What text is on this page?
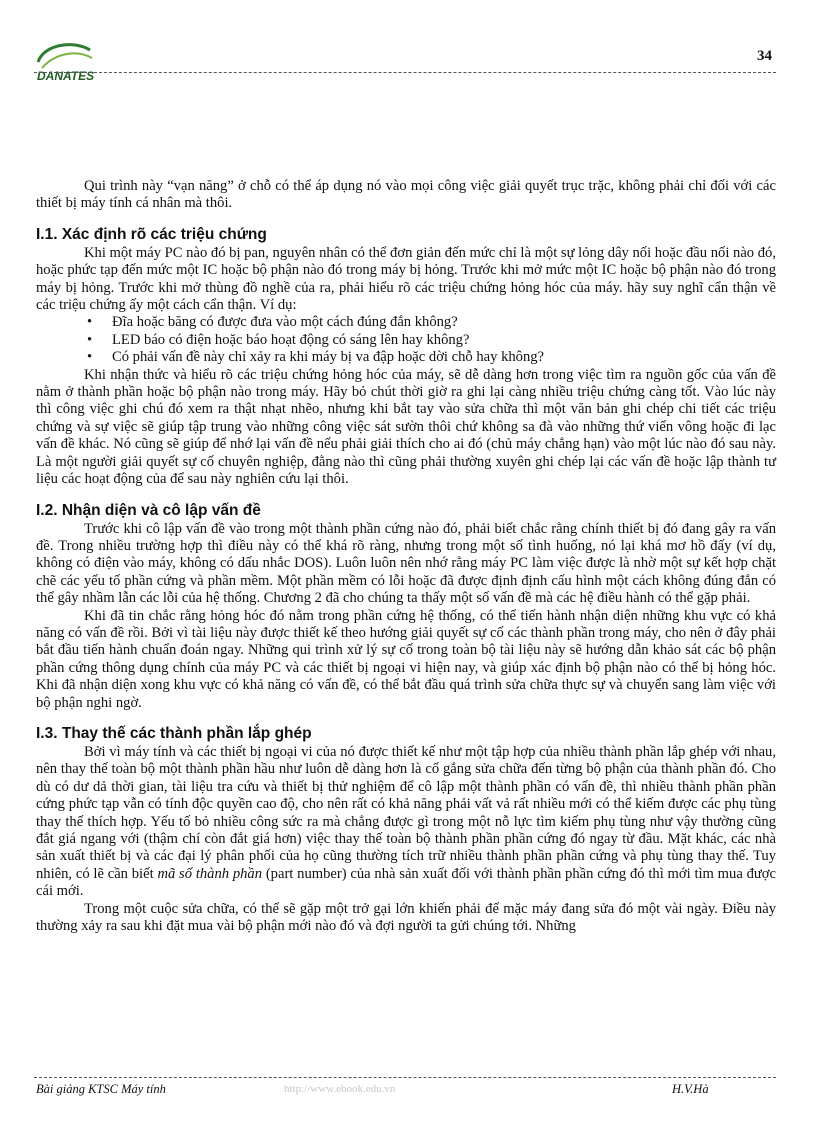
DANATES
34

Qui trình này “vạn năng” ở chỗ có thể áp dụng nó vào mọi công việc giải quyết trục trặc, không phải chỉ đối với các thiết bị máy tính cá nhân mà thôi.

I.1. Xác định rõ các triệu chứng

Khi một máy PC nào đó bị pan, nguyên nhân có thể đơn giản đến mức chỉ là một sự lỏng dây nối hoặc đầu nối nào đó, hoặc phức tạp đến mức một IC hoặc bộ phận nào đó trong máy bị hỏng. Trước khi mở mức một IC hoặc bộ phận nào đó trong máy bị hỏng. Trước khi mở thùng đồ nghề của ra, phải hiểu rõ các triệu chứng hỏng hóc của máy. hãy suy nghĩ cẩn thận về các triệu chứng ấy một cách cẩn thận. Ví dụ:

• Đĩa hoặc băng có được đưa vào một cách đúng đắn không?
• LED báo có điện hoặc báo hoạt động có sáng lên hay không?
• Có phải vấn đề này chỉ xảy ra khi máy bị va đập hoặc dời chỗ hay không?

Khi nhận thức và hiểu rõ các triệu chứng hỏng hóc của máy, sẽ dễ dàng hơn trong việc tìm ra nguồn gốc của vấn đề nằm ở thành phần hoặc bộ phận nào trong máy. Hãy bỏ chút thời giờ ra ghi lại càng nhiều triệu chứng càng tốt. Vào lúc này thì công việc ghi chú đó xem ra thật nhạt nhẽo, nhưng khi bắt tay vào sửa chữa thì một văn bản ghi chép chi tiết các triệu chứng và sự việc sẽ giúp tập trung vào những công việc sát sườn thôi chứ không sa đà vào những thứ viển vông hoặc đi lạc vấn đề khác. Nó cũng sẽ giúp để nhớ lại vấn đề nếu phải giải thích cho ai đó (chủ máy chẳng hạn) vào một lúc nào đó sau này. Là một người giải quyết sự cố chuyên nghiệp, đằng nào thì cũng phải thường xuyên ghi chép lại các vấn đề hoặc lập thành tư liệu các hoạt động của để sau này nghiên cứu lại thôi.

I.2. Nhận diện và cô lập vấn đề

Trước khi cô lập vấn đề vào trong một thành phần cứng nào đó, phải biết chắc rằng chính thiết bị đó đang gây ra vấn đề. Trong nhiều trường hợp thì điều này có thể khá rõ ràng, nhưng trong một số tình huống, nó lại khá mơ hồ đấy (ví dụ, không có điện vào máy, không có dấu nhắc DOS). Luôn luôn nên nhớ rằng máy PC làm việc được là nhờ một sự kết hợp chặt chẽ các yếu tố phần cứng và phần mềm. Một phần mềm có lỗi hoặc đã được định định cấu hình một cách không đúng đắn có thể gây nhầm lẫn các lỗi của hệ thống. Chương 2 đã cho chúng ta thấy một số vấn đề mà các hệ điều hành có thể gặp phải.

Khi đã tin chắc rằng hỏng hóc đó nằm trong phần cứng hệ thống, có thể tiến hành nhận diện những khu vực có khả năng có vấn đề rồi. Bởi vì tài liệu này được thiết kế theo hướng giải quyết sự cố các thành phần trong máy, cho nên ở đây phải bắt đầu tiến hành chuẩn đoán ngay. Những qui trình xử lý sự cố trong toàn bộ tài liệu này sẽ hướng dẫn khảo sát các bộ phận phần cứng thông dụng chính của máy PC và các thiết bị ngoại vi hiện nay, và giúp xác định bộ phận nào có thể bị hỏng hóc. Khi đã nhận diện xong khu vực có khả năng có vấn đề, có thể bắt đầu quá trình sửa chữa thực sự và chuyển sang làm việc với bộ phận nghi ngờ.

I.3. Thay thế các thành phần lắp ghép

Bởi vì máy tính và các thiết bị ngoại vi của nó được thiết kế như một tập hợp của nhiều thành phần lắp ghép với nhau, nên thay thế toàn bộ một thành phần hầu như luôn dễ dàng hơn là cố gắng sửa chữa đến từng bộ phận của thành phần đó. Cho dù có dư dả thời gian, tài liệu tra cứu và thiết bị thử nghiệm để cô lập một thành phần có vấn đề, thì nhiều thành phần phần cứng phức tạp vẫn có tính độc quyền cao độ, cho nên rất có khả năng phải vất vả rất nhiều mới có thể kiếm được các phụ tùng thay thế thích hợp. Yếu tố bỏ nhiều công sức ra mà chẳng được gì trong một nỗ lực tìm kiếm phụ tùng như vậy thường cũng đắt giá ngang với (thậm chí còn đắt giá hơn) việc thay thế toàn bộ thành phần phần cứng đó ngay từ đầu. Mặt khác, các nhà sản xuất thiết bị và các đại lý phân phối của họ cũng thường tích trữ nhiều thành phần phần cứng và phụ tùng thay thế. Tuy nhiên, có lẽ cần biết mã số thành phần (part number) của nhà sản xuất đối với thành phần phần cứng đó thì mới tìm mua được cái mới.

Trong một cuộc sửa chữa, có thể sẽ gặp một trở gại lớn khiến phải để mặc máy đang sửa đó một vài ngày. Điều này thường xảy ra sau khi đặt mua vài bộ phận mới nào đó và đợi người ta gửi chúng tới. Những

Bài giảng KTSC Máy tính	http://www.ebook.edu.vn	H.V.Hà
